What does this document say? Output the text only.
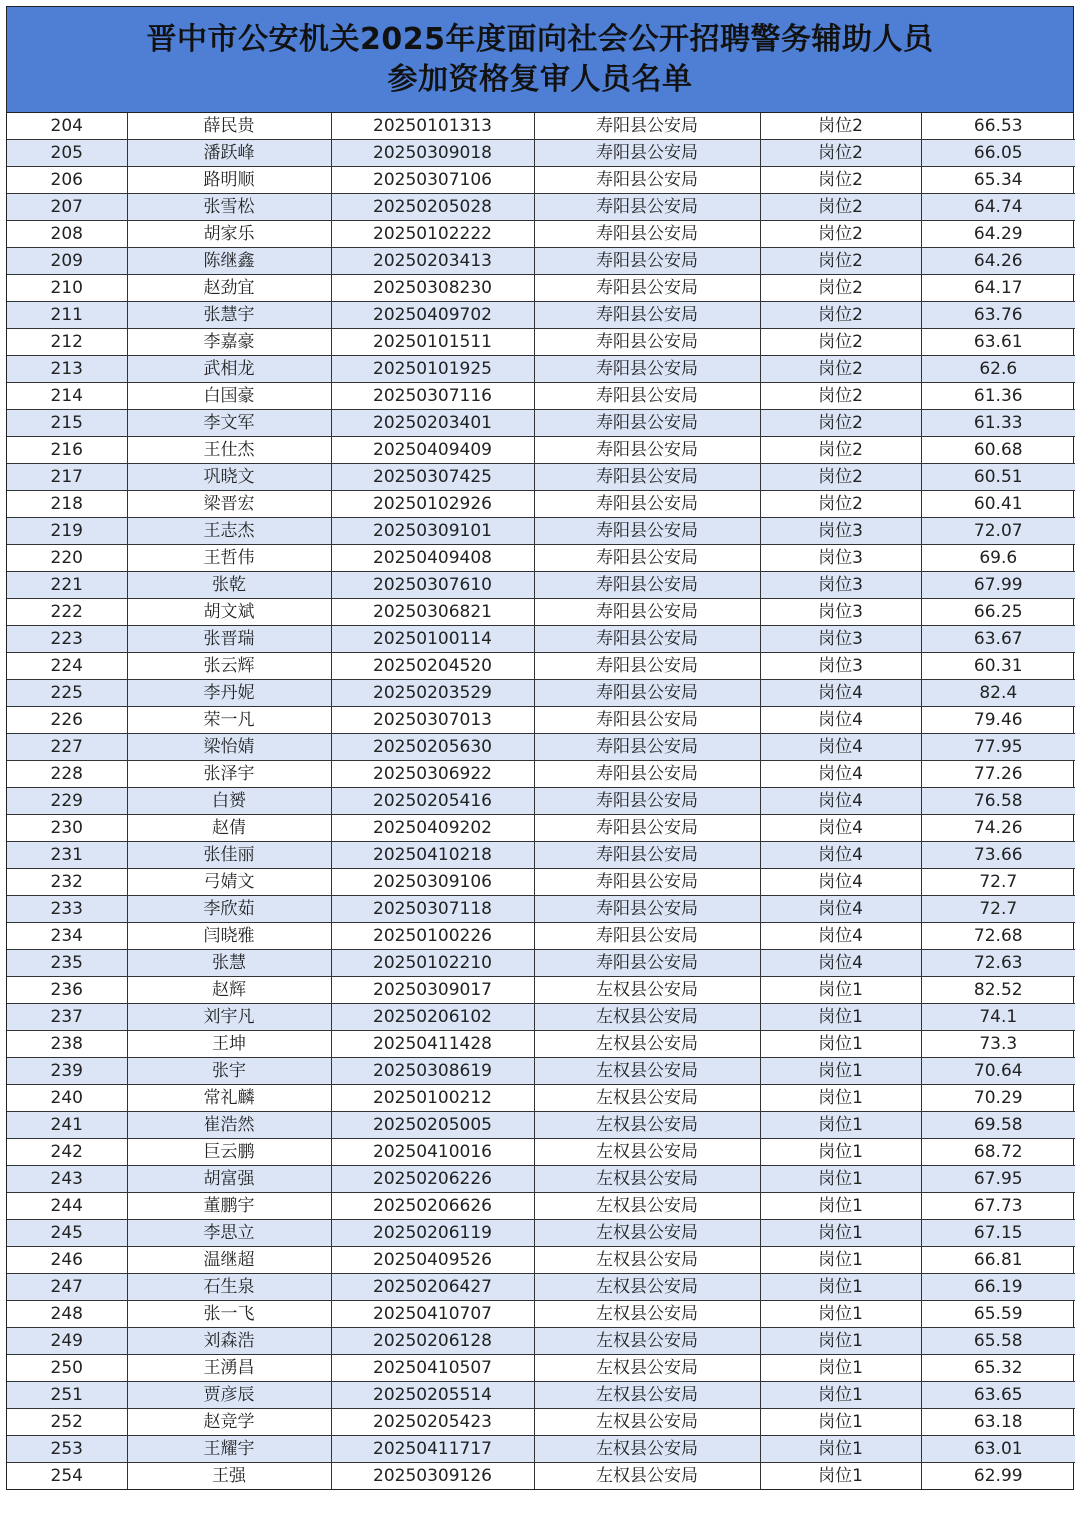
晋中市公安机关2025年度面向社会公开招聘警务辅助人员
参加资格复审人员名单
204	薛民贵	20250101313	寿阳县公安局	岗位2	66.53
205	潘跃峰	20250309018	寿阳县公安局	岗位2	66.05
206	路明顺	20250307106	寿阳县公安局	岗位2	65.34
207	张雪松	20250205028	寿阳县公安局	岗位2	64.74
208	胡家乐	20250102222	寿阳县公安局	岗位2	64.29
209	陈继鑫	20250203413	寿阳县公安局	岗位2	64.26
210	赵劲宜	20250308230	寿阳县公安局	岗位2	64.17
211	张慧宇	20250409702	寿阳县公安局	岗位2	63.76
212	李嘉豪	20250101511	寿阳县公安局	岗位2	63.61
213	武相龙	20250101925	寿阳县公安局	岗位2	62.6
214	白国豪	20250307116	寿阳县公安局	岗位2	61.36
215	李文军	20250203401	寿阳县公安局	岗位2	61.33
216	王仕杰	20250409409	寿阳县公安局	岗位2	60.68
217	巩晓文	20250307425	寿阳县公安局	岗位2	60.51
218	梁晋宏	20250102926	寿阳县公安局	岗位2	60.41
219	王志杰	20250309101	寿阳县公安局	岗位3	72.07
220	王哲伟	20250409408	寿阳县公安局	岗位3	69.6
221	张乾	20250307610	寿阳县公安局	岗位3	67.99
222	胡文斌	20250306821	寿阳县公安局	岗位3	66.25
223	张晋瑞	20250100114	寿阳县公安局	岗位3	63.67
224	张云辉	20250204520	寿阳县公安局	岗位3	60.31
225	李丹妮	20250203529	寿阳县公安局	岗位4	82.4
226	荣一凡	20250307013	寿阳县公安局	岗位4	79.46
227	梁怡婧	20250205630	寿阳县公安局	岗位4	77.95
228	张泽宇	20250306922	寿阳县公安局	岗位4	77.26
229	白赟	20250205416	寿阳县公安局	岗位4	76.58
230	赵倩	20250409202	寿阳县公安局	岗位4	74.26
231	张佳丽	20250410218	寿阳县公安局	岗位4	73.66
232	弓婧文	20250309106	寿阳县公安局	岗位4	72.7
233	李欣茹	20250307118	寿阳县公安局	岗位4	72.7
234	闫晓雅	20250100226	寿阳县公安局	岗位4	72.68
235	张慧	20250102210	寿阳县公安局	岗位4	72.63
236	赵辉	20250309017	左权县公安局	岗位1	82.52
237	刘宇凡	20250206102	左权县公安局	岗位1	74.1
238	王坤	20250411428	左权县公安局	岗位1	73.3
239	张宇	20250308619	左权县公安局	岗位1	70.64
240	常礼麟	20250100212	左权县公安局	岗位1	70.29
241	崔浩然	20250205005	左权县公安局	岗位1	69.58
242	巨云鹏	20250410016	左权县公安局	岗位1	68.72
243	胡富强	20250206226	左权县公安局	岗位1	67.95
244	董鹏宇	20250206626	左权县公安局	岗位1	67.73
245	李思立	20250206119	左权县公安局	岗位1	67.15
246	温继超	20250409526	左权县公安局	岗位1	66.81
247	石生泉	20250206427	左权县公安局	岗位1	66.19
248	张一飞	20250410707	左权县公安局	岗位1	65.59
249	刘森浩	20250206128	左权县公安局	岗位1	65.58
250	王湧昌	20250410507	左权县公安局	岗位1	65.32
251	贾彦辰	20250205514	左权县公安局	岗位1	63.65
252	赵竞学	20250205423	左权县公安局	岗位1	63.18
253	王耀宇	20250411717	左权县公安局	岗位1	63.01
254	王强	20250309126	左权县公安局	岗位1	62.99
